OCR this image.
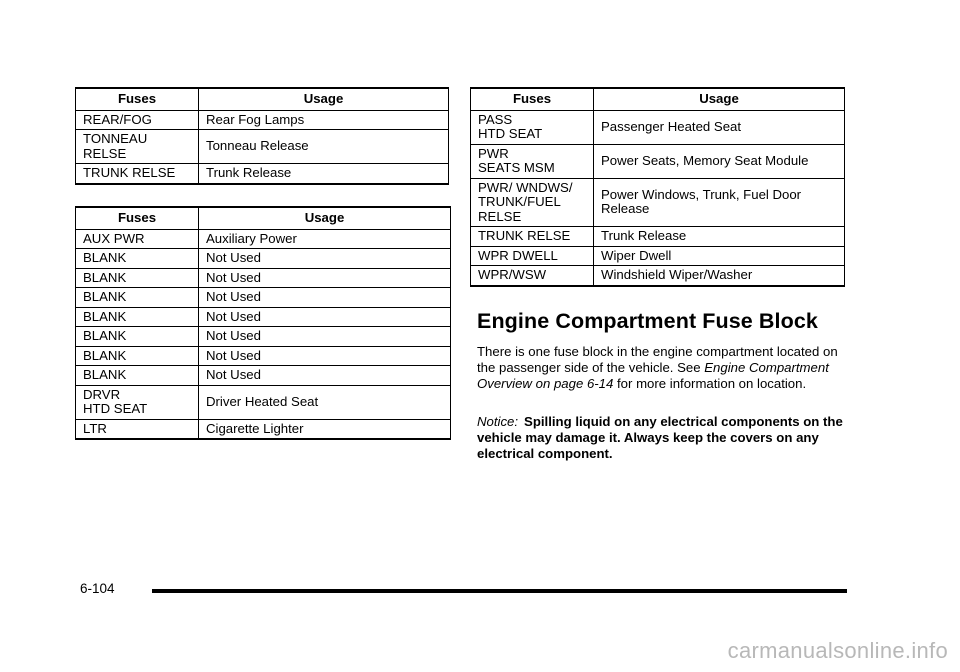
Fuses	Usage

REAR/FOG	Rear Fog Lamps

TONNEAU
RELSE	Tonneau Release

TRUNK RELSE	Trunk Release
Fuses	Usage

AUX PWR	Auxiliary Power

BLANK	Not Used

BLANK	Not Used

BLANK	Not Used

BLANK	Not Used

BLANK	Not Used

BLANK	Not Used

BLANK	Not Used

DRVR
HTD SEAT	Driver Heated Seat

LTR	Cigarette Lighter
Fuses	Usage

PASS
HTD SEAT	Passenger Heated Seat

PWR
SEATS MSM	Power Seats, Memory Seat Module

PWR/ WNDWS/
TRUNK/FUEL
RELSE	Power Windows, Trunk, Fuel Door Release

TRUNK RELSE	Trunk Release

WPR DWELL	Wiper Dwell

WPR/WSW	Windshield Wiper/Washer
Engine Compartment Fuse Block

There is one fuse block in the engine compartment located on the passenger side of the vehicle. See Engine Compartment Overview on page 6-14 for more information on location.

Notice: Spilling liquid on any electrical components on the vehicle may damage it. Always keep the covers on any electrical component.

6-104
carmanualsonline.info
